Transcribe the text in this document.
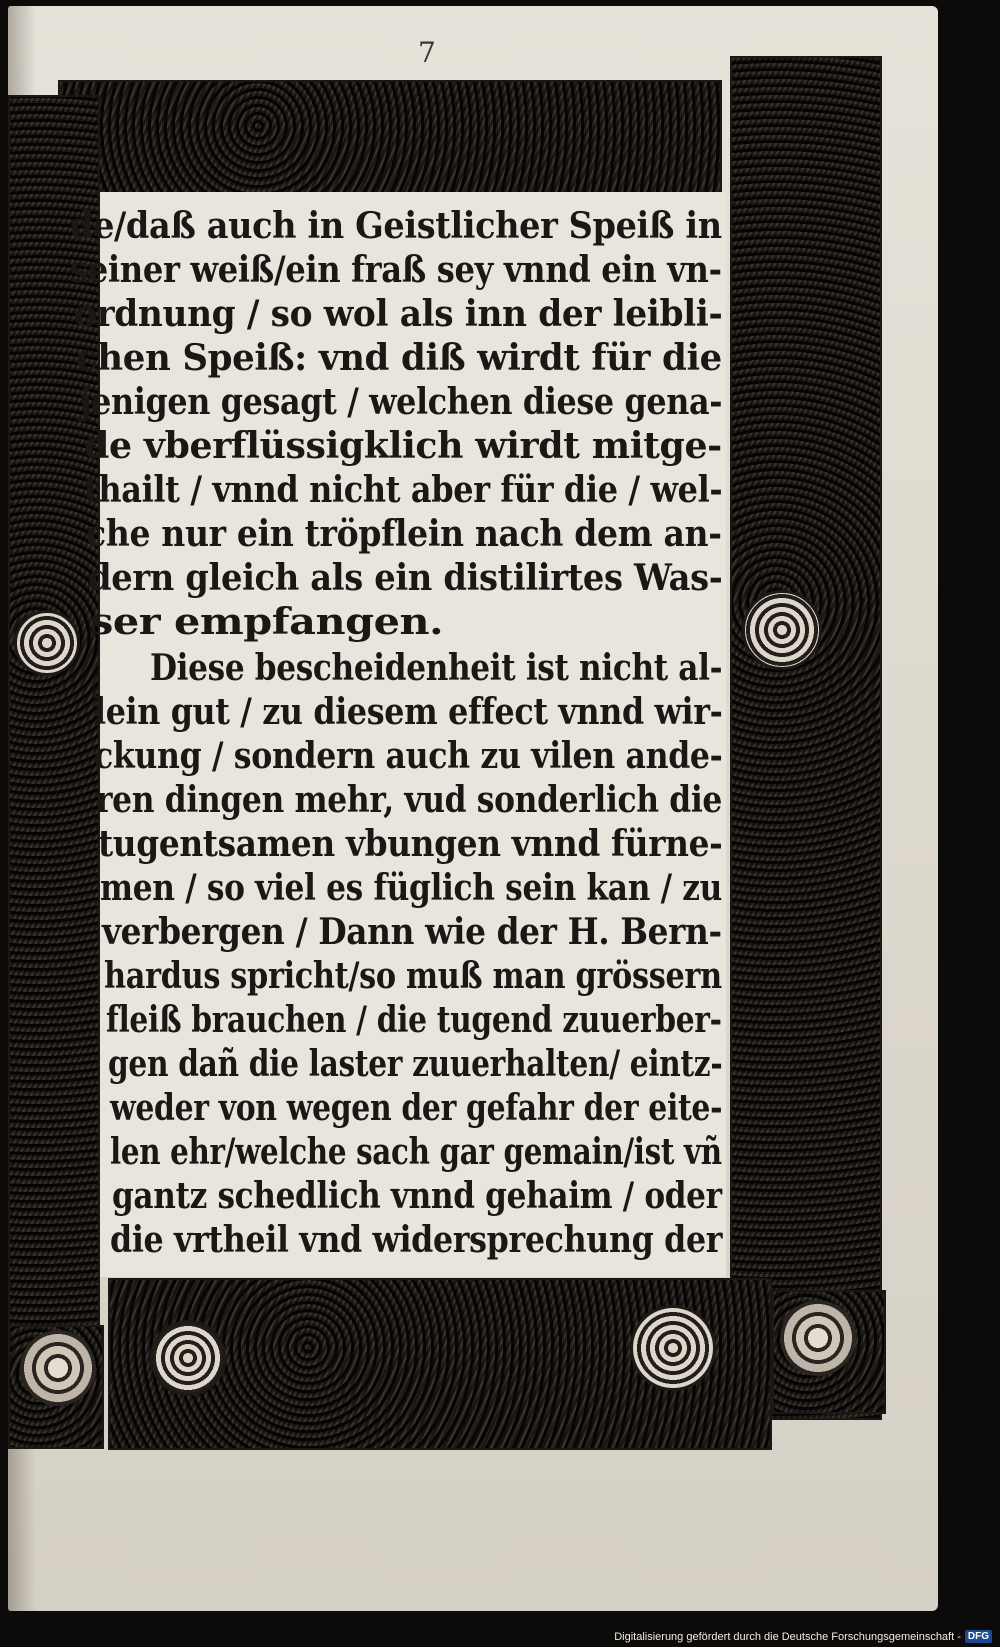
7
de/daß auch in Geistlicher Speiß in
seiner weiß/ein fraß sey vnnd ein vn-
ordnung / so wol als inn der leibli-
chen Speiß: vnd diß wirdt für die
jenigen gesagt / welchen diese gena-
de vberflüssigklich wirdt mitge-
thailt / vnnd nicht aber für die / wel-
che nur ein tröpflein nach dem an-
dern gleich als ein distilirtes Was-
ser empfangen.
Diese bescheidenheit ist nicht al-
lein gut / zu diesem effect vnnd wir-
ckung / sondern auch zu vilen ande-
ren dingen mehr, vud sonderlich die
tugentsamen vbungen vnnd fürne-
men / so viel es füglich sein kan / zu
verbergen / Dann wie der H. Bern-
hardus spricht/so muß man grössern
fleiß brauchen / die tugend zuuerber-
gen dañ die laster zuuerhalten/ eintz-
weder von wegen der gefahr der eite-
len ehr/welche sach gar gemain/ist vñ
gantz schedlich vnnd gehaim / oder
die vrtheil vnd widersprechung der
Digitalisierung gefördert durch die Deutsche Forschungsgemeinschaft - DFG
